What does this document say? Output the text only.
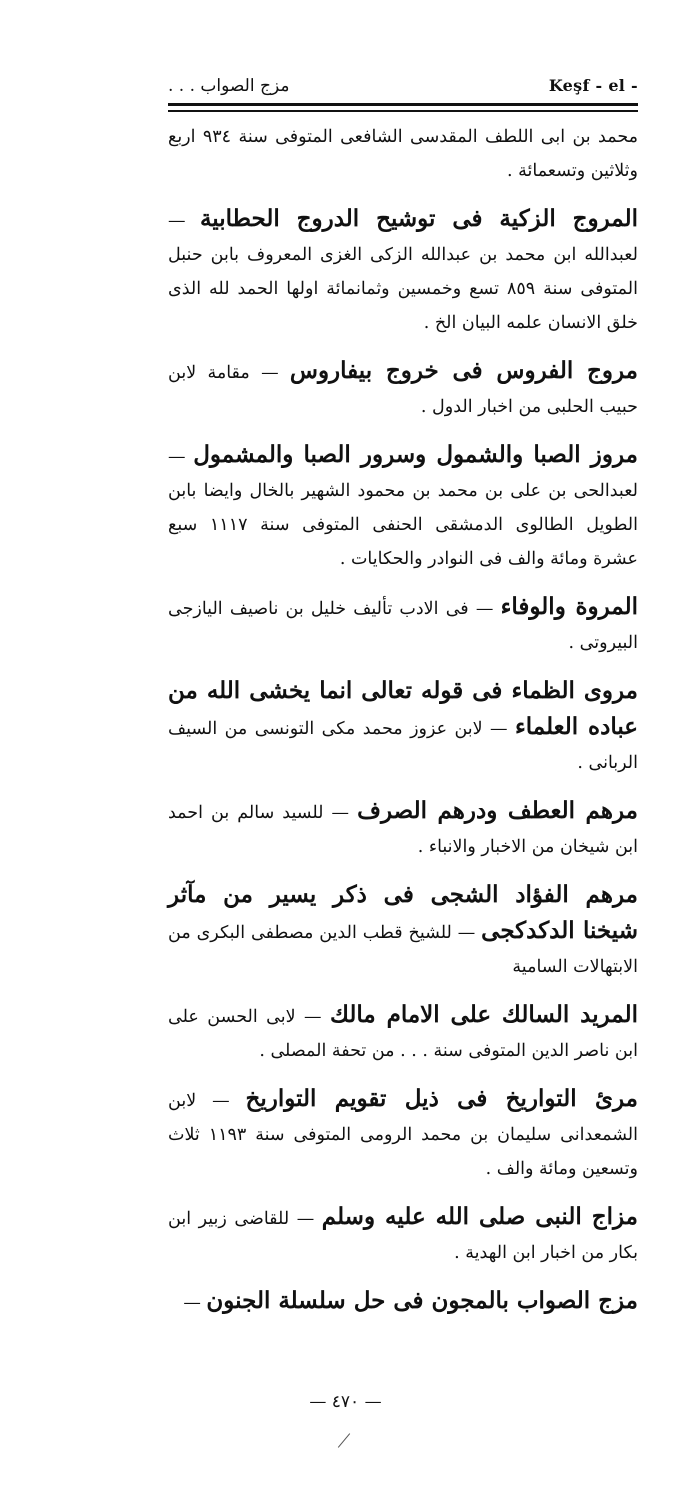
مزج الصواب . . .	Keşf - el -

محمد بن ابى اللطف المقدسى الشافعى المتوفى سنة ٩٣٤ اربع وثلاثين وتسعمائة .

المروج الزكية فى توشيح الدروج الحطابية — لعبدالله ابن محمد بن عبدالله الزكى الغزى المعروف بابن حنبل المتوفى سنة ٨٥٩ تسع وخمسين وثمانمائة اولها الحمد لله الذى خلق الانسان علمه البيان الخ .

مروج الفروس فى خروج بيفاروس — مقامة لابن حبيب الحلبى من اخبار الدول .

مروز الصبا والشمول وسرور الصبا والمشمول — لعبدالحى بن على بن محمد بن محمود الشهير بالخال وايضا بابن الطويل الطالوى الدمشقى الحنفى المتوفى سنة ١١١٧ سبع عشرة ومائة والف فى النوادر والحكايات .

المروة والوفاء — فى الادب تأليف خليل بن ناصيف اليازجى البيروتى .

مروى الظماء فى قوله تعالى انما يخشى الله من عباده العلماء — لابن عزوز محمد مكى التونسى من السيف الربانى .

مرهم العطف ودرهم الصرف — للسيد سالم بن احمد ابن شيخان من الاخبار والانباء .

مرهم الفؤاد الشجى فى ذكر يسير من مآثر شيخنا الدكدكجى — للشيخ قطب الدين مصطفى البكرى من الابتهالات السامية

المريد السالك على الامام مالك — لابى الحسن على ابن ناصر الدين المتوفى سنة . . . من تحفة المصلى .

مرئ التواريخ فى ذيل تقويم التواريخ — لابن الشمعدانى سليمان بن محمد الرومى المتوفى سنة ١١٩٣ ثلاث وتسعين ومائة والف .

مزاج النبى صلى الله عليه وسلم — للقاضى زبير ابن بكار من اخبار ابن الهدية .

مزج الصواب بالمجون فى حل سلسلة الجنون —

— ٤٧٠ —
